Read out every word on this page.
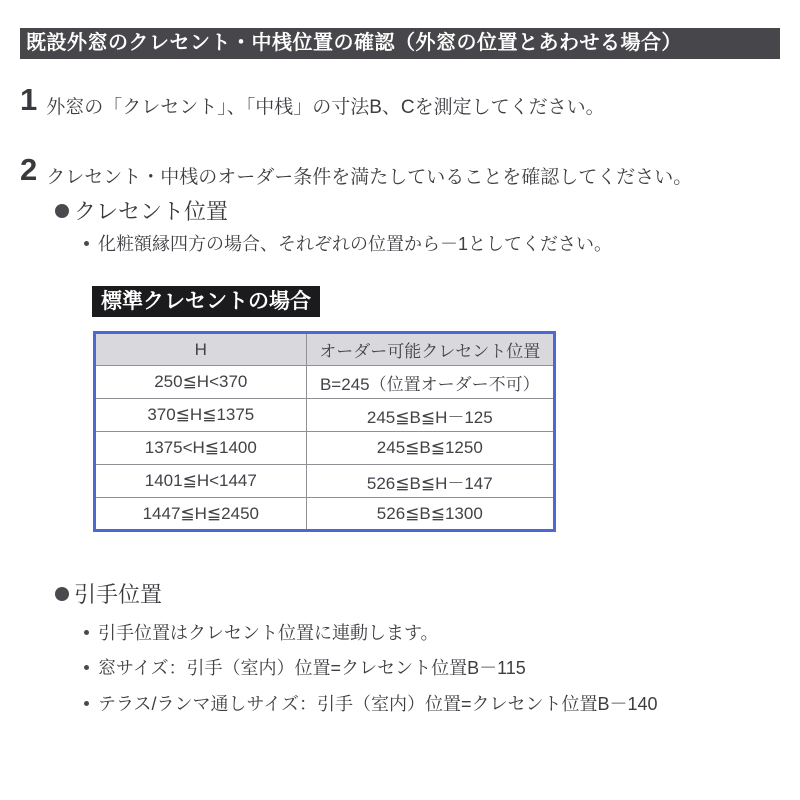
既設外窓のクレセント・中桟位置の確認（外窓の位置とあわせる場合）
1 外窓の「クレセント」、「中桟」の寸法B、Cを測定してください。
2 クレセント・中桟のオーダー条件を満たしていることを確認してください。
クレセント位置
化粧額縁四方の場合、それぞれの位置から－1としてください。
標準クレセントの場合
H	オーダー可能クレセント位置
250≦H<370	B=245（位置オーダー不可）
370≦H≦1375	245≦B≦H－125
1375<H≦1400	245≦B≦1250
1401≦H<1447	526≦B≦H－147
1447≦H≦2450	526≦B≦1300
引手位置
引手位置はクレセント位置に連動します。
窓サイズ：引手（室内）位置=クレセント位置B－115
テラス/ランマ通しサイズ：引手（室内）位置=クレセント位置B－140
